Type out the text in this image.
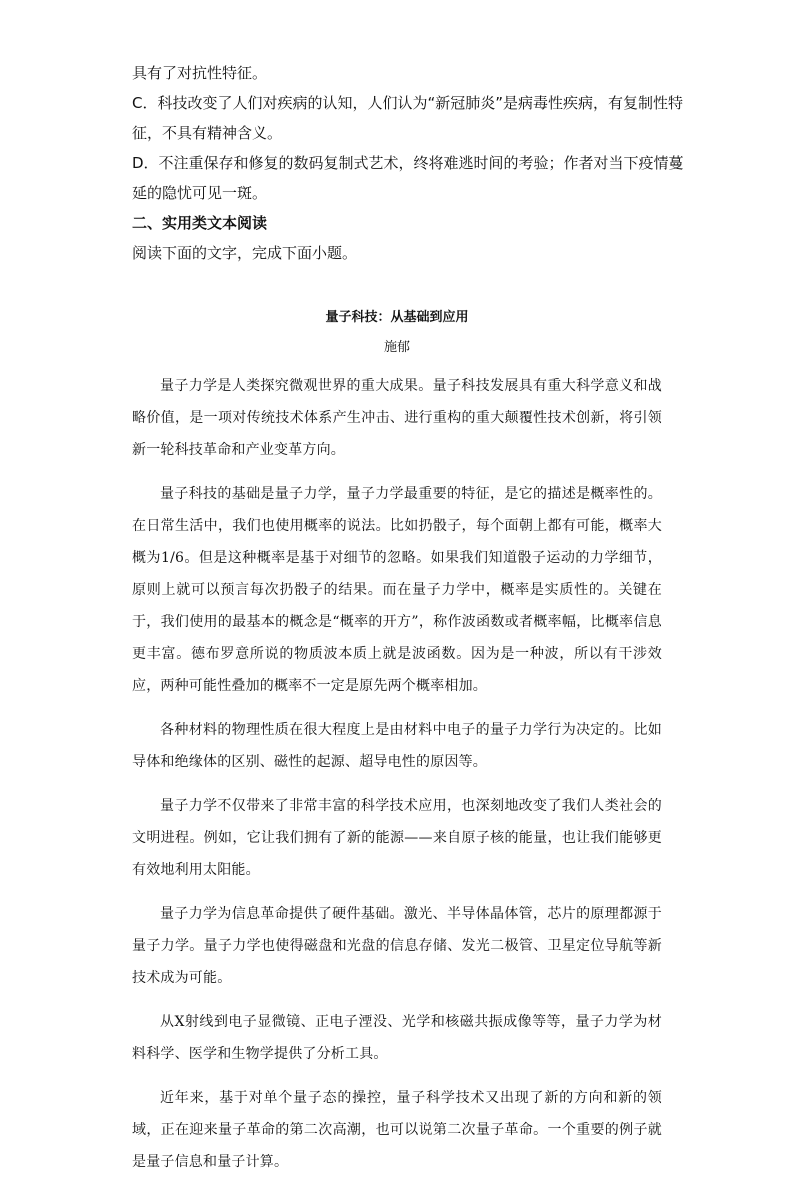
具有了对抗性特征。

C．科技改变了人们对疾病的认知，人们认为“新冠肺炎”是病毒性疾病，有复制性特

征，不具有精神含义。

D．不注重保存和修复的数码复制式艺术，终将难逃时间的考验；作者对当下疫情蔓

延的隐忧可见一斑。

二、实用类文本阅读

阅读下面的文字，完成下面小题。

量子科技：从基础到应用
施郁

量子力学是人类探究微观世界的重大成果。量子科技发展具有重大科学意义和战略价值，是一项对传统技术体系产生冲击、进行重构的重大颠覆性技术创新，将引领新一轮科技革命和产业变革方向。

量子科技的基础是量子力学，量子力学最重要的特征，是它的描述是概率性的。在日常生活中，我们也使用概率的说法。比如扔骰子，每个面朝上都有可能，概率大概为1/6。但是这种概率是基于对细节的忽略。如果我们知道骰子运动的力学细节，原则上就可以预言每次扔骰子的结果。而在量子力学中，概率是实质性的。关键在于，我们使用的最基本的概念是“概率的开方”，称作波函数或者概率幅，比概率信息更丰富。德布罗意所说的物质波本质上就是波函数。因为是一种波，所以有干涉效应，两种可能性叠加的概率不一定是原先两个概率相加。

各种材料的物理性质在很大程度上是由材料中电子的量子力学行为决定的。比如导体和绝缘体的区别、磁性的起源、超导电性的原因等。

量子力学不仅带来了非常丰富的科学技术应用，也深刻地改变了我们人类社会的文明进程。例如，它让我们拥有了新的能源——来自原子核的能量，也让我们能够更有效地利用太阳能。

量子力学为信息革命提供了硬件基础。激光、半导体晶体管，芯片的原理都源于量子力学。量子力学也使得磁盘和光盘的信息存储、发光二极管、卫星定位导航等新技术成为可能。

从X射线到电子显微镜、正电子湮没、光学和核磁共振成像等等，量子力学为材料科学、医学和生物学提供了分析工具。

近年来，基于对单个量子态的操控，量子科学技术又出现了新的方向和新的领域，正在迎来量子革命的第二次高潮，也可以说第二次量子革命。一个重要的例子就是量子信息和量子计算。
